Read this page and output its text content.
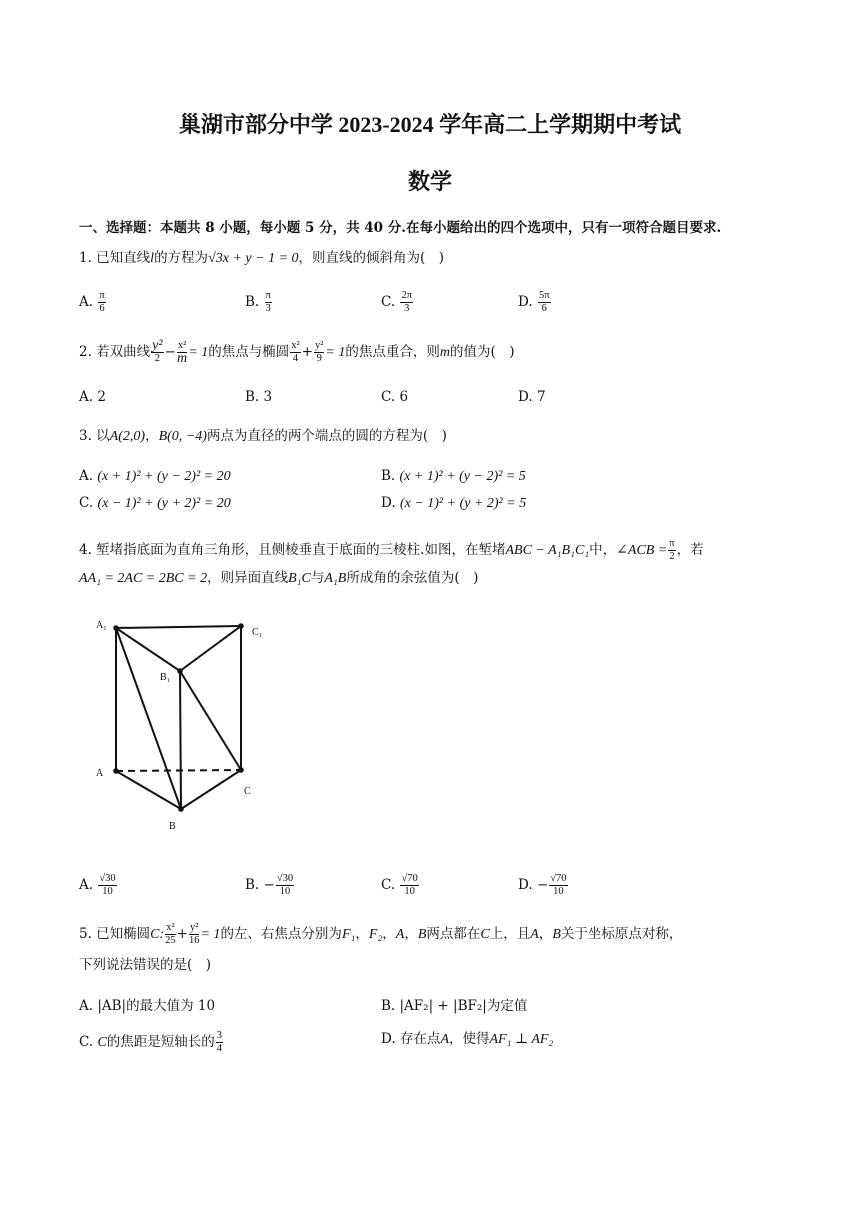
巢湖市部分中学 2023-2024 学年高二上学期期中考试
数学
一、选择题：本题共 8 小题，每小题 5 分，共 40 分.在每小题给出的四个选项中，只有一项符合题目要求.
1. 已知直线l的方程为√3x + y − 1 = 0，则直线的倾斜角为(　)
A. $\frac{\pi}{6}$	B. $\frac{\pi}{3}$	C. $\frac{2\pi}{3}$	D. $\frac{5\pi}{6}$
2. 若双曲线 $\frac{\text{y²}}{2} - \frac{\text{x²}}{m} = 1$的焦点与椭圆 $\frac{\text{x²}}{4} + \frac{\text{y²}}{9} = 1$的焦点重合，则m的值为(　)
A. 2	B. 3	C. 6	D. 7
3. 以A(2,0)，B(0, −4)两点为直径的两个端点的圆的方程为(　)
A. (x + 1)² + (y − 2)² = 20	B. (x + 1)² + (y − 2)² = 5
C. (x − 1)² + (y + 2)² = 20	D. (x − 1)² + (y + 2)² = 5
4. 堑堵指底面为直角三角形，且侧棱垂直于底面的三棱柱.如图，在堑堵ABC − A₁B₁C₁中，∠ACB = $\frac{\pi}{2}$ ，若
AA₁ = 2AC = 2BC = 2，则异面直线B₁C与A₁B所成角的余弦值为(　)
A₁
C₁
B₁
A
C
B
A. $\frac{√30}{10}$	B. − $\frac{√30}{10}$	C. $\frac{√70}{10}$	D. − $\frac{√70}{10}$
5. 已知椭圆C: $\frac{\text{x²}}{25} + \frac{\text{y²}}{16} = 1$的左、右焦点分别为F₁，F₂，A，B两点都在C上，且A，B关于坐标原点对称，
下列说法错误的是(　)
A. |AB|的最大值为 10	B. |AF₂| + |BF₂|为定值
C. C的焦距是短轴长的 $\frac{3}{4}$	D. 存在点A，使得AF₁ ⊥ AF₂
